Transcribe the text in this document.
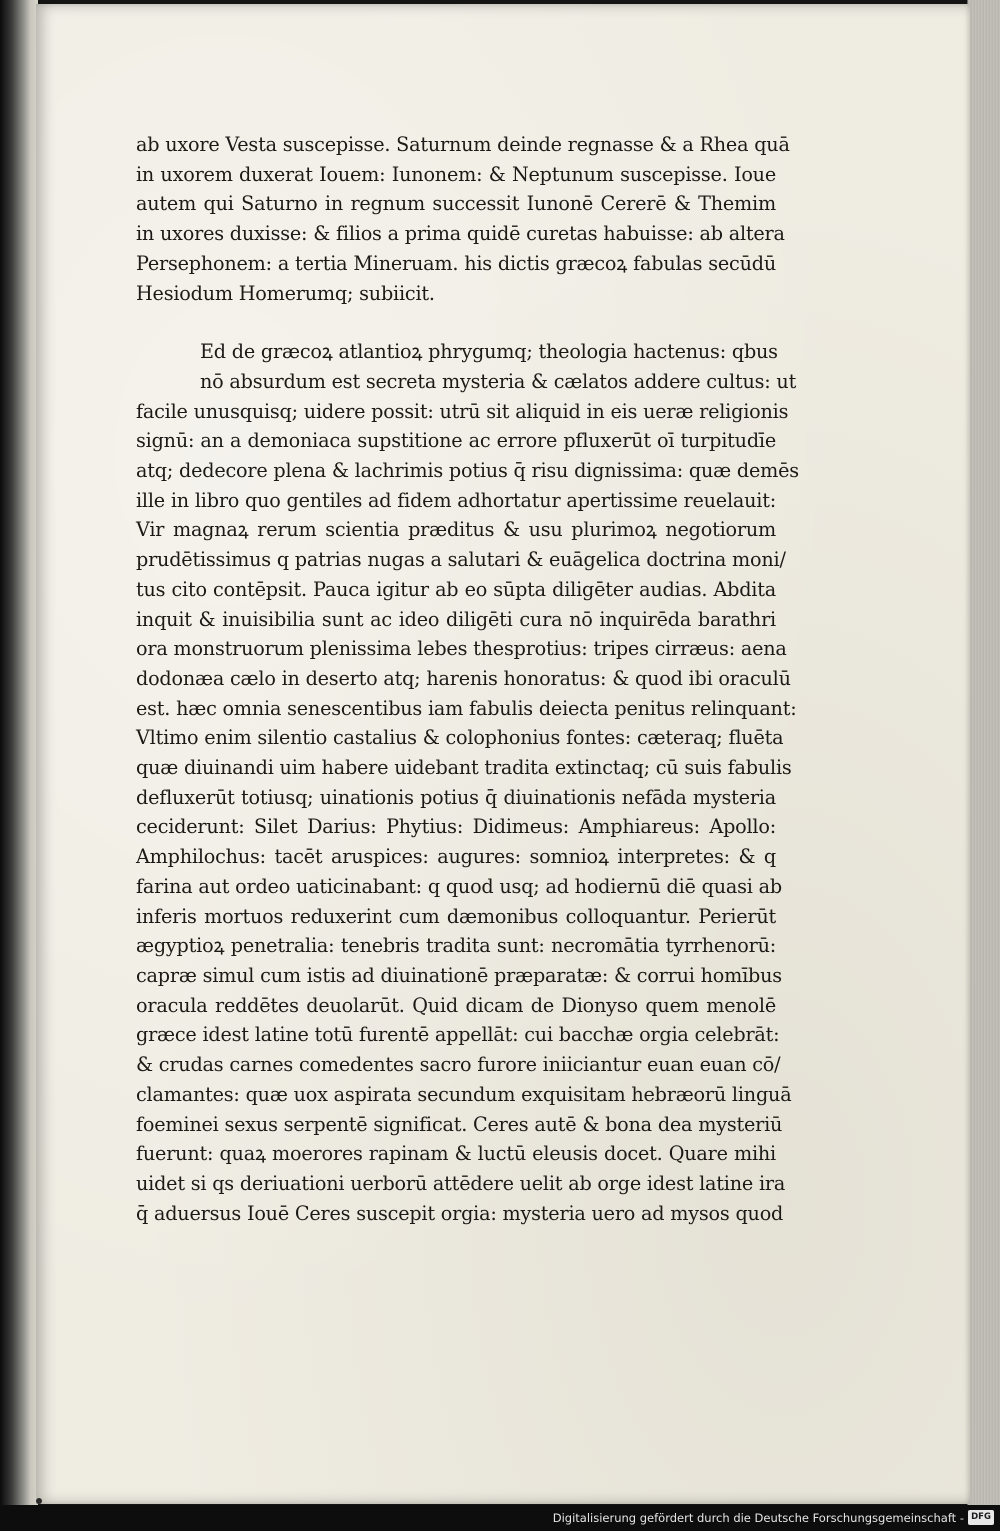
ab uxore Vesta suscepisse. Saturnum deinde regnasse & a Rhea quā
in uxorem duxerat Iouem: Iunonem: & Neptunum suscepisse. Ioue
autem qui Saturno in regnum successit Iunonē Cererē & Themim
in uxores duxisse: & filios a prima quidē curetas habuisse: ab altera
Persephonem: a tertia Mineruam. his dictis græcoꝝ fabulas secūdū
Hesiodum Homerumq; subiicit.

Ed de græcoꝝ atlantioꝝ phrygumq; theologia hactenus: qbus
nō absurdum est secreta mysteria & cælatos addere cultus: ut
facile unusquisq; uidere possit: utrū sit aliquid in eis ueræ religionis
signū: an a demoniaca supstitione ac errore pfluxerūt oī turpitudīe
atq; dedecore plena & lachrimis potius q̄ risu dignissima: quæ demēs
ille in libro quo gentiles ad fidem adhortatur apertissime reuelauit:
Vir magnaꝝ rerum scientia præditus & usu plurimoꝝ negotiorum
prudētissimus q patrias nugas a salutari & euāgelica doctrina moni/
tus cito contēpsit. Pauca igitur ab eo sūpta diligēter audias. Abdita
inquit & inuisibilia sunt ac ideo diligēti cura nō inquirēda barathri
ora monstruorum plenissima lebes thesprotius: tripes cirræus: aena
dodonæa cælo in deserto atq; harenis honoratus: & quod ibi oraculū
est. hæc omnia senescentibus iam fabulis deiecta penitus relinquant:
Vltimo enim silentio castalius & colophonius fontes: cæteraq; fluēta
quæ diuinandi uim habere uidebant tradita extinctaq; cū suis fabulis
defluxerūt totiusq; uinationis potius q̄ diuinationis nefāda mysteria
ceciderunt: Silet Darius: Phytius: Didimeus: Amphiareus: Apollo:
Amphilochus: tacēt aruspices: augures: somnioꝝ interpretes: & q
farina aut ordeo uaticinabant: q quod usq; ad hodiernū diē quasi ab
inferis mortuos reduxerint cum dæmonibus colloquantur. Perierūt
ægyptioꝝ penetralia: tenebris tradita sunt: necromātia tyrrhenorū:
capræ simul cum istis ad diuinationē præparatæ: & corrui homībus
oracula reddētes deuolarūt. Quid dicam de Dionyso quem menolē
græce idest latine totū furentē appellāt: cui bacchæ orgia celebrāt:
& crudas carnes comedentes sacro furore iniiciantur euan euan cō/
clamantes: quæ uox aspirata secundum exquisitam hebræorū linguā
foeminei sexus serpentē significat. Ceres autē & bona dea mysteriū
fuerunt: quaꝝ moerores rapinam & luctū eleusis docet. Quare mihi
uidet si qs deriuationi uerborū attēdere uelit ab orge idest latine ira
q̄ aduersus Iouē Ceres suscepit orgia: mysteria uero ad mysos quod

Digitalisierung gefördert durch die Deutsche Forschungsgemeinschaft - DFG
